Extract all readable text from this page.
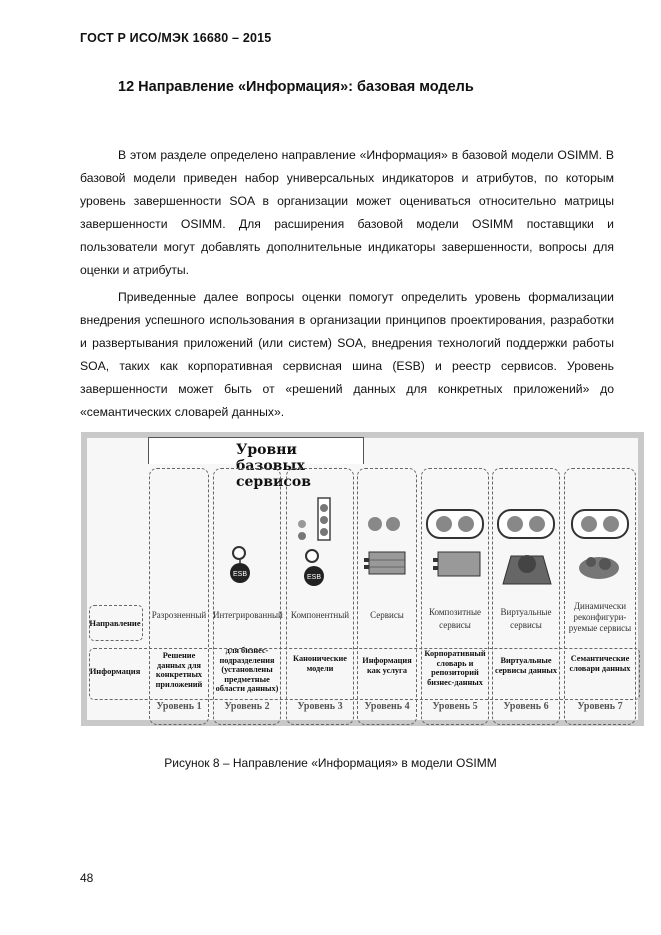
ГОСТ Р ИСО/МЭК 16680 – 2015
12 Направление «Информация»: базовая модель

В этом разделе определено направление «Информация» в базовой модели OSIMM. В базовой модели приведен набор универсальных индикаторов и атрибутов, по которым уровень завершенности SOA в организации может оцениваться относительно матрицы завершенности OSIMM. Для расширения базовой модели OSIMM поставщики и пользователи могут добавлять дополнительные индикаторы завершенности, вопросы для оценки и атрибуты.

Приведенные далее вопросы оценки помогут определить уровень формализации внедрения успешного использования в организации принципов проектирования, разработки и развертывания приложений (или систем) SOA, внедрения технологий поддержки работы SOA, таких как корпоративная сервисная шина (ESB) и реестр сервисов. Уровень завершенности может быть от «решений данных для конкретных приложений» до «семантических словарей данных».

Уровни базовых сервисов
Направление
Информация
Разрозненный
Решение данных для конкретных приложений
Уровень 1
ESB
Интегрированный
для бизнес-подразделения (установлены предметные области данных)
Уровень 2
ESB
Компонентный
Канонические модели
Уровень 3
Сервисы
Информация как услуга
Уровень 4
Композитные сервисы
Корпоративный словарь и репозиторий бизнес-данных
Уровень 5
Виртуальные сервисы
Виртуальные сервисы данных
Уровень 6
Динамически реконфигури-руемые сервисы
Семантические словари данных
Уровень 7
Рисунок 8 – Направление «Информация» в модели OSIMM
48
